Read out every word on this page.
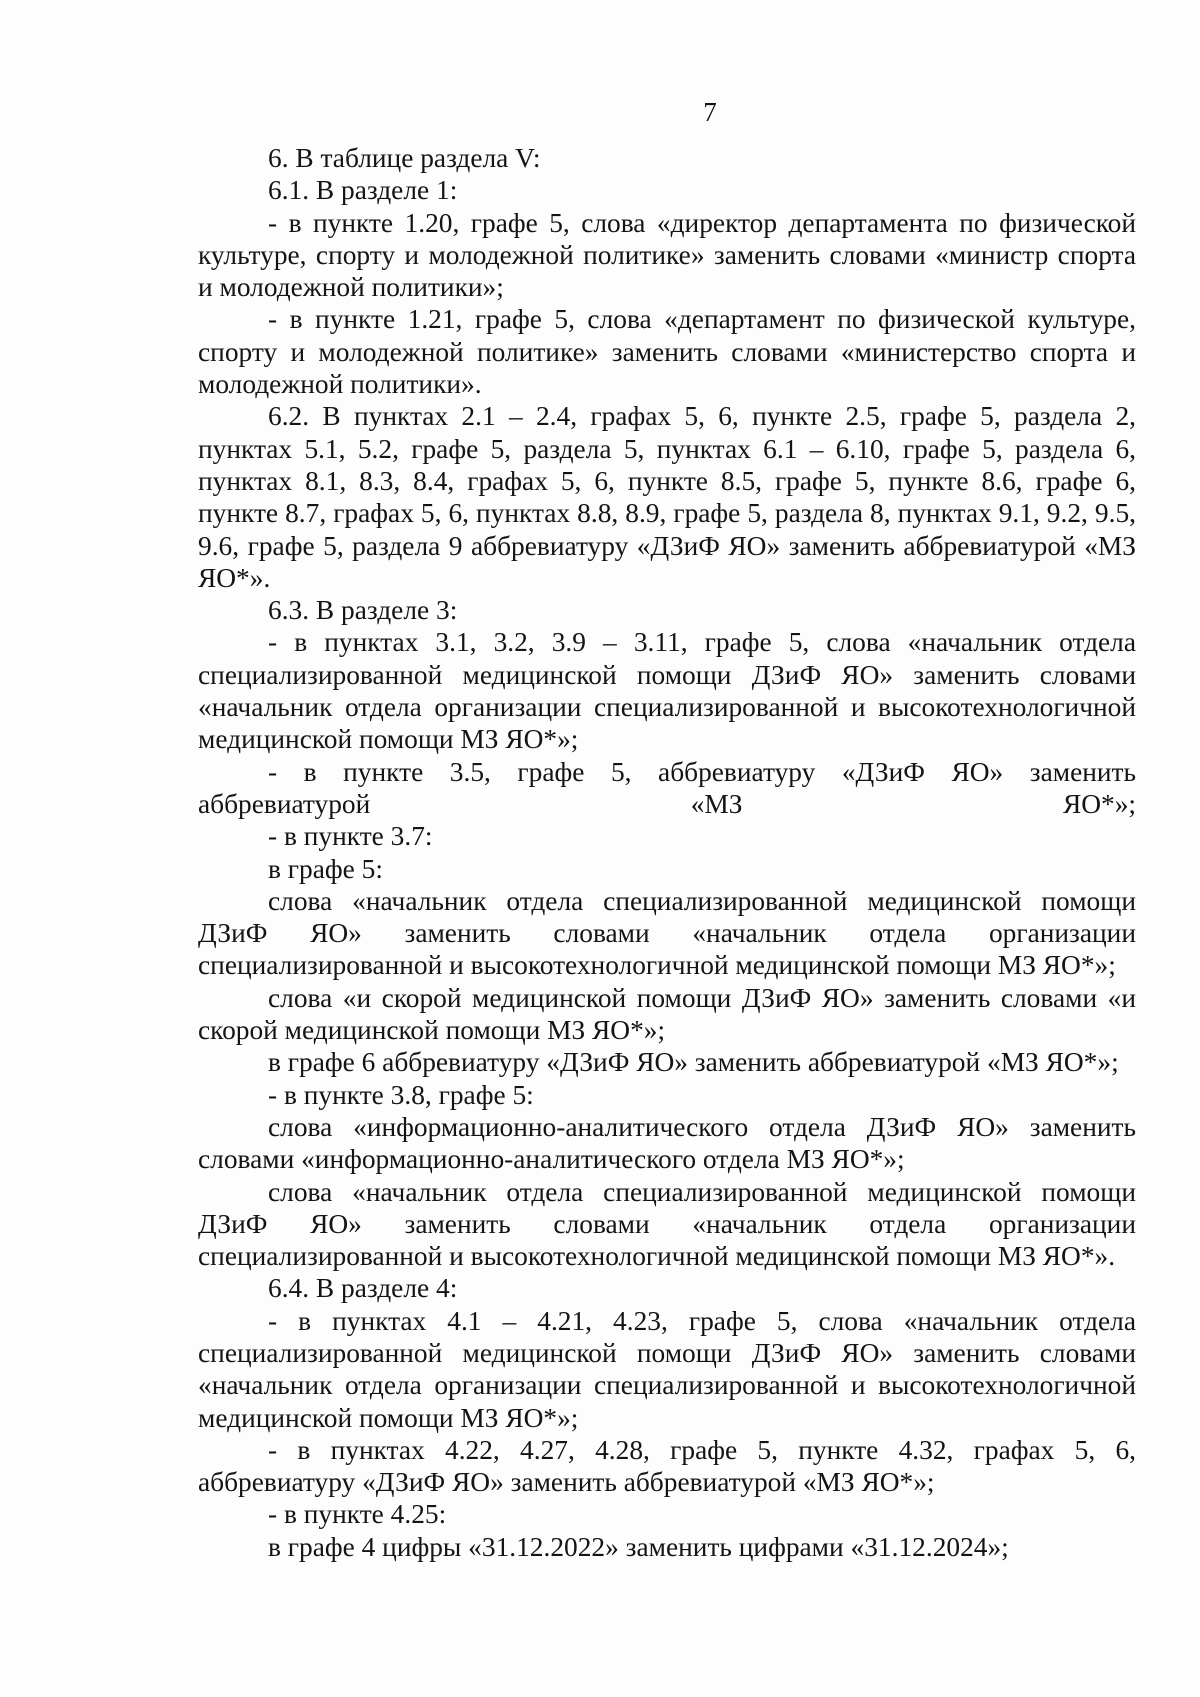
7

6. В таблице раздела V:

6.1. В разделе 1:

- в пункте 1.20, графе 5, слова «директор департамента по физической культуре, спорту и молодежной политике» заменить словами «министр спорта и молодежной политики»;

- в пункте 1.21, графе 5, слова «департамент по физической культуре, спорту и молодежной политике» заменить словами «министерство спорта и молодежной политики».

6.2. В пунктах 2.1 – 2.4, графах 5, 6, пункте 2.5, графе 5, раздела 2, пунктах 5.1, 5.2, графе 5, раздела 5, пунктах 6.1 – 6.10, графе 5, раздела 6, пунктах 8.1, 8.3, 8.4, графах 5, 6, пункте 8.5, графе 5, пункте 8.6, графе 6, пункте 8.7, графах 5, 6, пунктах 8.8, 8.9, графе 5, раздела 8, пунктах 9.1, 9.2, 9.5, 9.6, графе 5, раздела 9 аббревиатуру «ДЗиФ ЯО» заменить аббревиатурой «МЗ ЯО*».

6.3. В разделе 3:

- в пунктах 3.1, 3.2, 3.9 – 3.11, графе 5, слова «начальник отдела специализированной медицинской помощи ДЗиФ ЯО» заменить словами «начальник отдела организации специализированной и высокотехнологичной медицинской помощи МЗ ЯО*»;

- в пункте 3.5, графе 5, аббревиатуру «ДЗиФ ЯО» заменить аббревиатурой «МЗ ЯО*»;

- в пункте 3.7:

в графе 5:

слова «начальник отдела специализированной медицинской помощи ДЗиФ ЯО» заменить словами «начальник отдела организации специализированной и высокотехнологичной медицинской помощи МЗ ЯО*»;

слова «и скорой медицинской помощи ДЗиФ ЯО» заменить словами «и скорой медицинской помощи МЗ ЯО*»;

в графе 6 аббревиатуру «ДЗиФ ЯО» заменить аббревиатурой «МЗ ЯО*»;

- в пункте 3.8, графе 5:

слова «информационно-аналитического отдела ДЗиФ ЯО» заменить словами «информационно-аналитического отдела МЗ ЯО*»;

слова «начальник отдела специализированной медицинской помощи ДЗиФ ЯО» заменить словами «начальник отдела организации специализированной и высокотехнологичной медицинской помощи МЗ ЯО*».

6.4. В разделе 4:

- в пунктах 4.1 – 4.21, 4.23, графе 5, слова «начальник отдела специализированной медицинской помощи ДЗиФ ЯО» заменить словами «начальник отдела организации специализированной и высокотехнологичной медицинской помощи МЗ ЯО*»;

- в пунктах 4.22, 4.27, 4.28, графе 5, пункте 4.32, графах 5, 6, аббревиатуру «ДЗиФ ЯО» заменить аббревиатурой «МЗ ЯО*»;

- в пункте 4.25:

в графе 4 цифры «31.12.2022» заменить цифрами «31.12.2024»;
